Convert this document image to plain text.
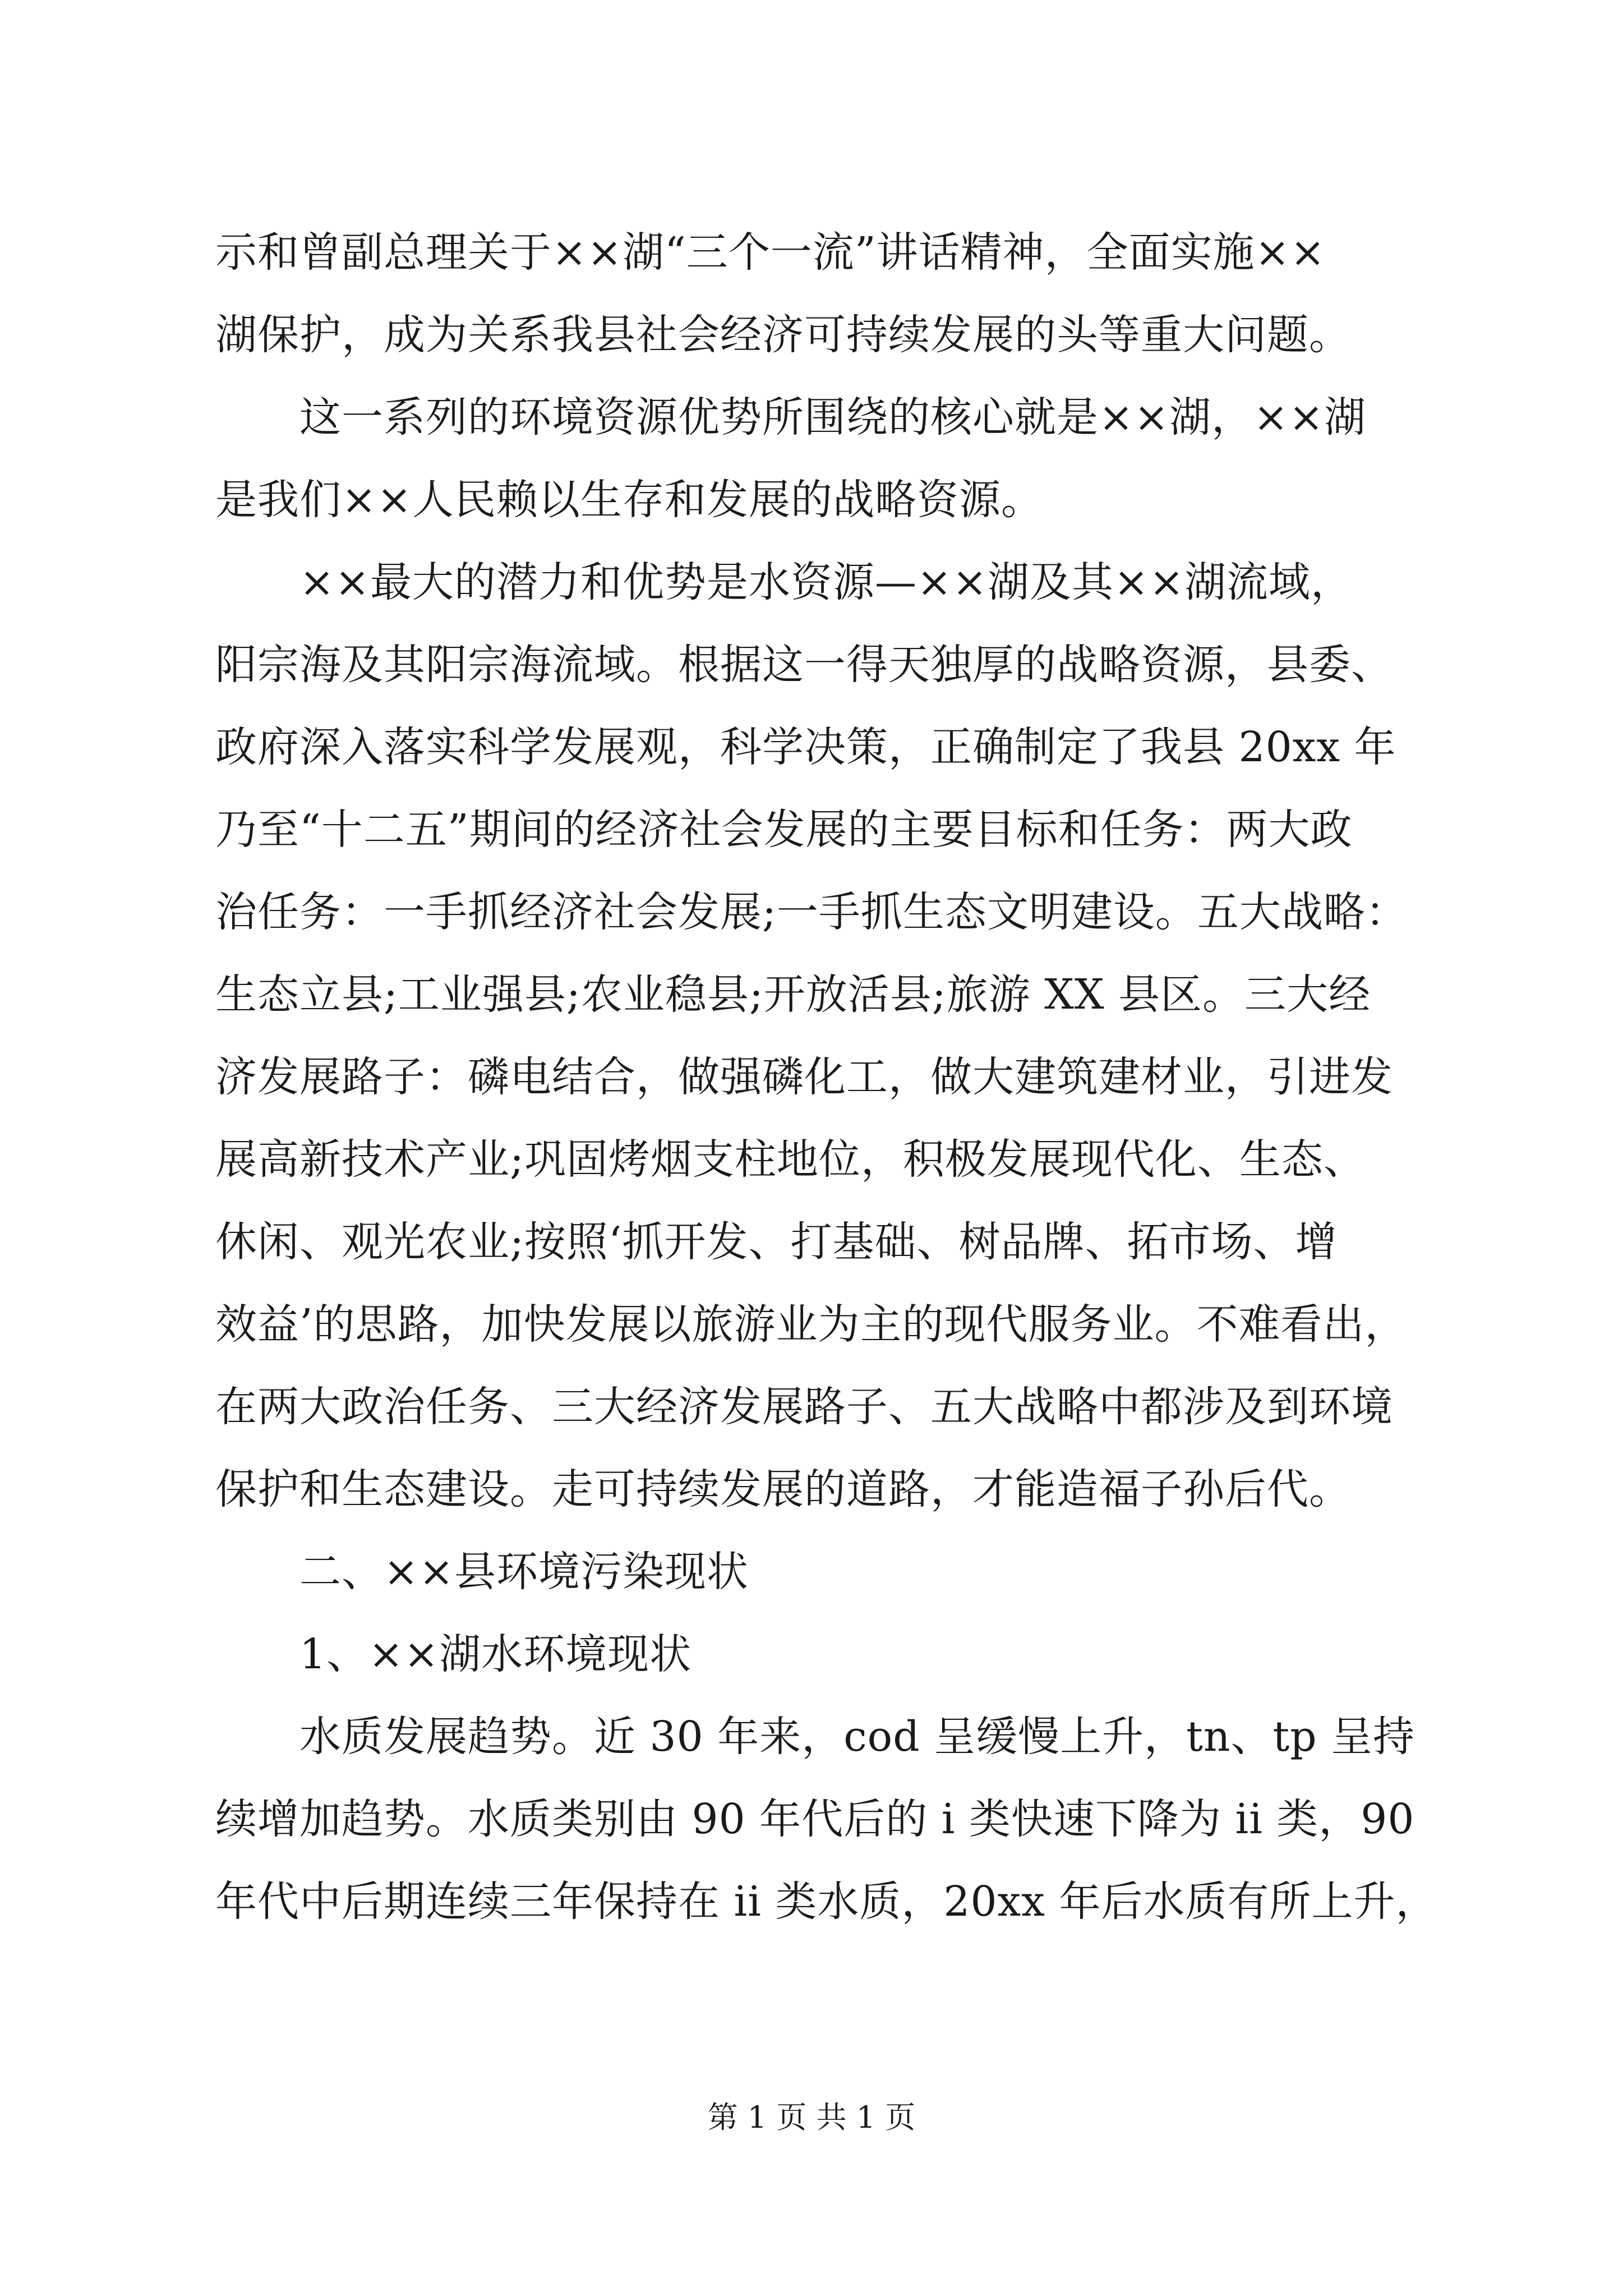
示和曾副总理关于××湖“三个一流”讲话精神，全面实施××
湖保护，成为关系我县社会经济可持续发展的头等重大问题。
　　这一系列的环境资源优势所围绕的核心就是××湖，××湖
是我们××人民赖以生存和发展的战略资源。
　　××最大的潜力和优势是水资源—××湖及其××湖流域，
阳宗海及其阳宗海流域。根据这一得天独厚的战略资源，县委、
政府深入落实科学发展观，科学决策，正确制定了我县 20xx 年
乃至“十二五”期间的经济社会发展的主要目标和任务：两大政
治任务：一手抓经济社会发展;一手抓生态文明建设。五大战略：
生态立县;工业强县;农业稳县;开放活县;旅游 XX 县区。三大经
济发展路子：磷电结合，做强磷化工，做大建筑建材业，引进发
展高新技术产业;巩固烤烟支柱地位，积极发展现代化、生态、
休闲、观光农业;按照‘抓开发、打基础、树品牌、拓市场、增
效益’的思路，加快发展以旅游业为主的现代服务业。不难看出，
在两大政治任务、三大经济发展路子、五大战略中都涉及到环境
保护和生态建设。走可持续发展的道路，才能造福子孙后代。
　　二、××县环境污染现状
　　1、××湖水环境现状
　　水质发展趋势。近 30 年来，cod 呈缓慢上升，tn、tp 呈持
续增加趋势。水质类别由 90 年代后的 i 类快速下降为 ii 类，90
年代中后期连续三年保持在 ii 类水质，20xx 年后水质有所上升，
第 1 页 共 1 页
